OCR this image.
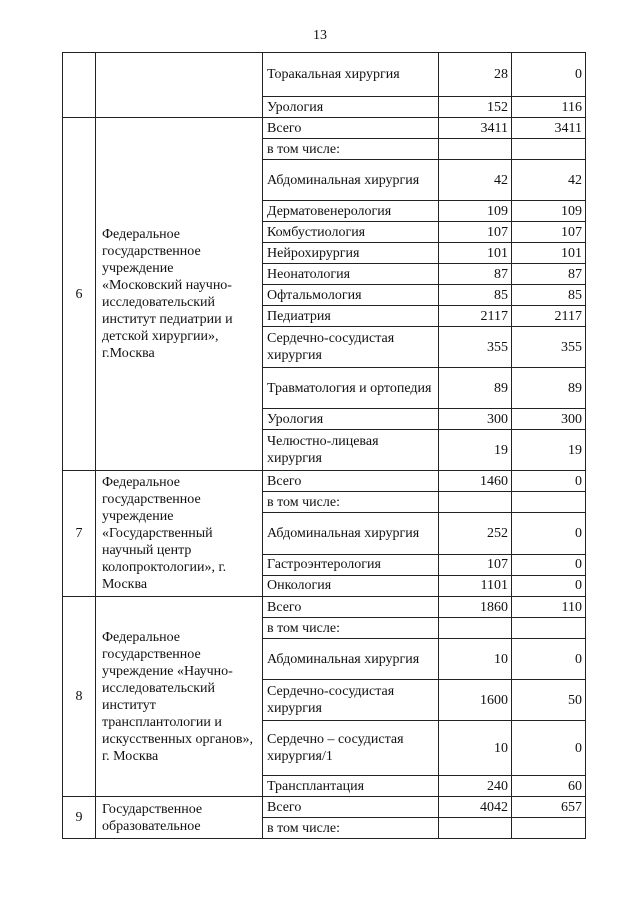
13
		Торакальная хирургия	28	0
		Урология	152	116
6	Федеральное государственное учреждение «Московский научно-исследовательский институт педиатрии и детской хирургии», г.Москва	Всего	3411	3411
		в том числе:		
		Абдоминальная хирургия	42	42
		Дерматовенерология	109	109
		Комбустиология	107	107
		Нейрохирургия	101	101
		Неонатология	87	87
		Офтальмология	85	85
		Педиатрия	2117	2117
		Сердечно-сосудистая хирургия	355	355
		Травматология и ортопедия	89	89
		Урология	300	300
		Челюстно-лицевая хирургия	19	19
7	Федеральное государственное учреждение «Государственный научный центр колопроктологии», г. Москва	Всего	1460	0
		в том числе:		
		Абдоминальная хирургия	252	0
		Гастроэнтерология	107	0
		Онкология	1101	0
8	Федеральное государственное учреждение «Научно-исследовательский институт трансплантологии и искусственных органов», г. Москва	Всего	1860	110
		в том числе:		
		Абдоминальная хирургия	10	0
		Сердечно-сосудистая хирургия	1600	50
		Сердечно – сосудистая хирургия/1	10	0
		Трансплантация	240	60
9	Государственное образовательное	Всего	4042	657
		в том числе:		
